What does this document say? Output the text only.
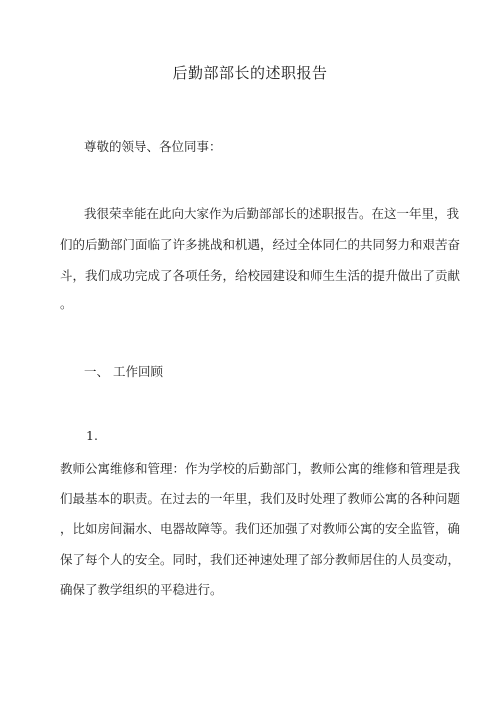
后勤部部长的述职报告
尊敬的领导、各位同事：
我很荣幸能在此向大家作为后勤部部长的述职报告。在这一年里，我
们的后勤部门面临了许多挑战和机遇，经过全体同仁的共同努力和艰苦奋
斗，我们成功完成了各项任务，给校园建设和师生生活的提升做出了贡献
。
一、 工作回顾
1.
教师公寓维修和管理：作为学校的后勤部门，教师公寓的维修和管理是我
们最基本的职责。在过去的一年里，我们及时处理了教师公寓的各种问题
，比如房间漏水、电器故障等。我们还加强了对教师公寓的安全监管，确
保了每个人的安全。同时，我们还神速处理了部分教师居住的人员变动，
确保了教学组织的平稳进行。
